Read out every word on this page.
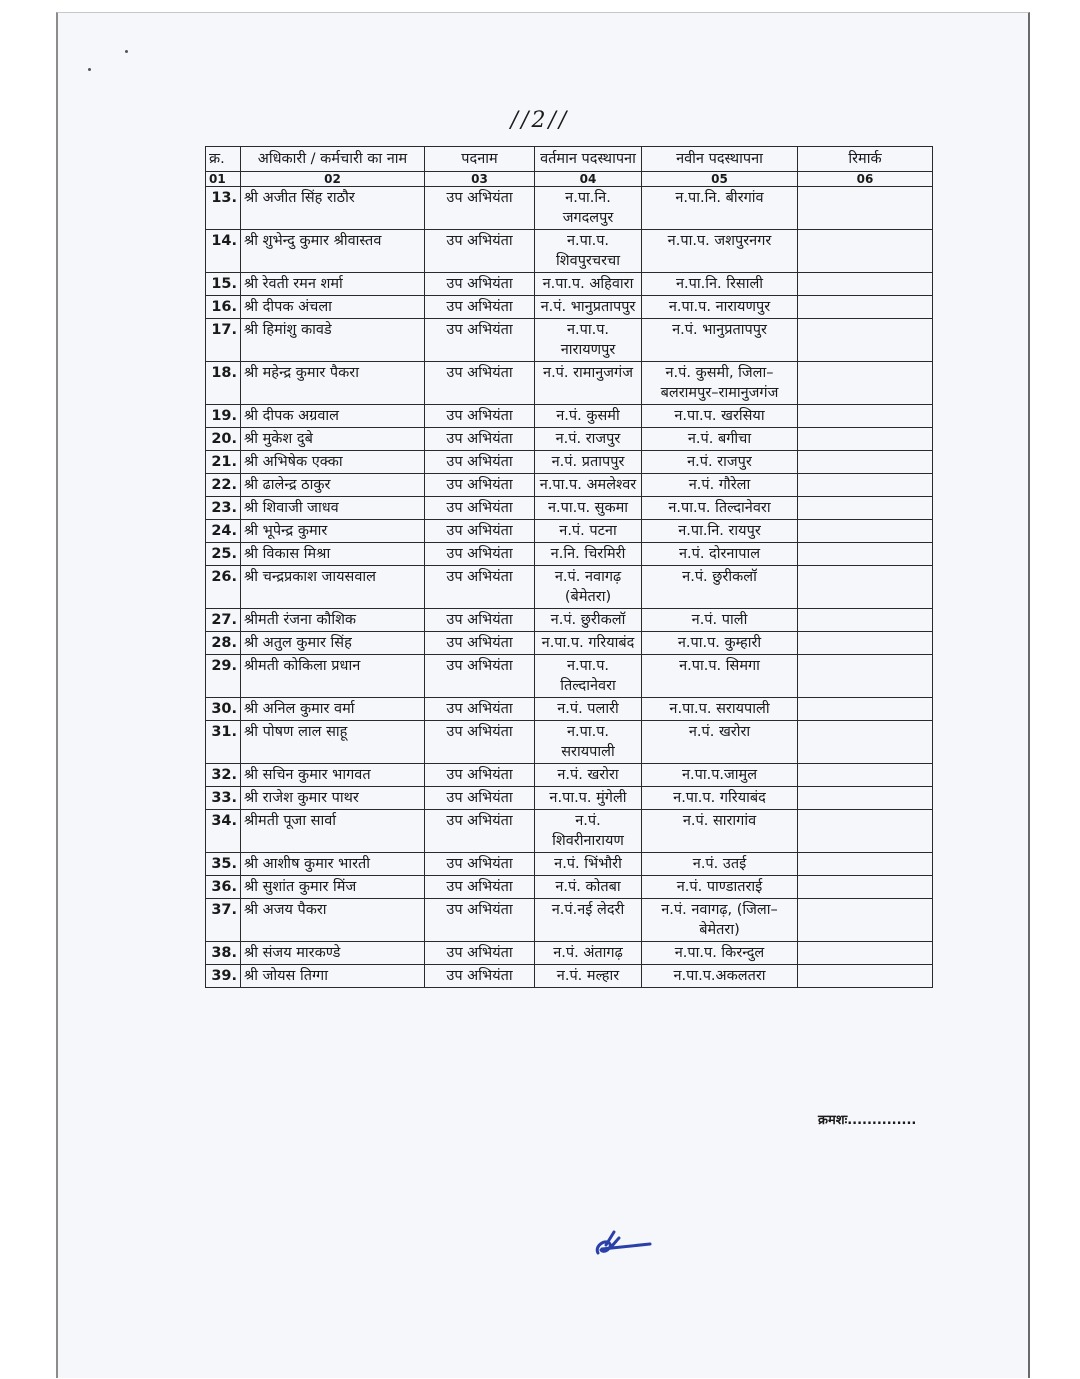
//2//
क्र.	अधिकारी / कर्मचारी का नाम	पदनाम	वर्तमान पदस्थापना	नवीन पदस्थापना	रिमार्क
01	02	03	04	05	06
13.	श्री अजीत सिंह राठौर	उप अभियंता	न.पा.नि. जगदलपुर	न.पा.नि. बीरगांव	
14.	श्री शुभेन्दु कुमार श्रीवास्तव	उप अभियंता	न.पा.प. शिवपुरचरचा	न.पा.प. जशपुरनगर	
15.	श्री रेवती रमन शर्मा	उप अभियंता	न.पा.प. अहिवारा	न.पा.नि. रिसाली	
16.	श्री दीपक अंचला	उप अभियंता	न.पं. भानुप्रतापपुर	न.पा.प. नारायणपुर	
17.	श्री हिमांशु कावडे	उप अभियंता	न.पा.प. नारायणपुर	न.पं. भानुप्रतापपुर	
18.	श्री महेन्द्र कुमार पैकरा	उप अभियंता	न.पं. रामानुजगंज	न.पं. कुसमी, जिला–बलरामपुर–रामानुजगंज	
19.	श्री दीपक अग्रवाल	उप अभियंता	न.पं. कुसमी	न.पा.प. खरसिया	
20.	श्री मुकेश दुबे	उप अभियंता	न.पं. राजपुर	न.पं. बगीचा	
21.	श्री अभिषेक एक्का	उप अभियंता	न.पं. प्रतापपुर	न.पं. राजपुर	
22.	श्री ढालेन्द्र ठाकुर	उप अभियंता	न.पा.प. अमलेश्वर	न.पं. गौरेला	
23.	श्री शिवाजी जाधव	उप अभियंता	न.पा.प. सुकमा	न.पा.प. तिल्दानेवरा	
24.	श्री भूपेन्द्र कुमार	उप अभियंता	न.पं. पटना	न.पा.नि. रायपुर	
25.	श्री विकास मिश्रा	उप अभियंता	न.नि. चिरमिरी	न.पं. दोरनापाल	
26.	श्री चन्द्रप्रकाश जायसवाल	उप अभियंता	न.पं. नवागढ़ (बेमेतरा)	न.पं. छुरीकलॉ	
27.	श्रीमती रंजना कौशिक	उप अभियंता	न.पं. छुरीकलॉ	न.पं. पाली	
28.	श्री अतुल कुमार सिंह	उप अभियंता	न.पा.प. गरियाबंद	न.पा.प. कुम्हारी	
29.	श्रीमती कोकिला प्रधान	उप अभियंता	न.पा.प. तिल्दानेवरा	न.पा.प. सिमगा	
30.	श्री अनिल कुमार वर्मा	उप अभियंता	न.पं. पलारी	न.पा.प. सरायपाली	
31.	श्री पोषण लाल साहू	उप अभियंता	न.पा.प. सरायपाली	न.पं. खरोरा	
32.	श्री सचिन कुमार भागवत	उप अभियंता	न.पं. खरोरा	न.पा.प.जामुल	
33.	श्री राजेश कुमार पाथर	उप अभियंता	न.पा.प. मुंगेली	न.पा.प. गरियाबंद	
34.	श्रीमती पूजा सार्वा	उप अभियंता	न.पं. शिवरीनारायण	न.पं. सारागांव	
35.	श्री आशीष कुमार भारती	उप अभियंता	न.पं. भिंभौरी	न.पं. उतई	
36.	श्री सुशांत कुमार मिंज	उप अभियंता	न.पं. कोतबा	न.पं. पाण्डातराई	
37.	श्री अजय पैकरा	उप अभियंता	न.पं.नई लेदरी	न.पं. नवागढ़, (जिला–बेमेतरा)	
38.	श्री संजय मारकण्डे	उप अभियंता	न.पं. अंतागढ़	न.पा.प. किरन्दुल	
39.	श्री जोयस तिग्गा	उप अभियंता	न.पं. मल्हार	न.पा.प.अकलतरा	
क्रमशः..............
